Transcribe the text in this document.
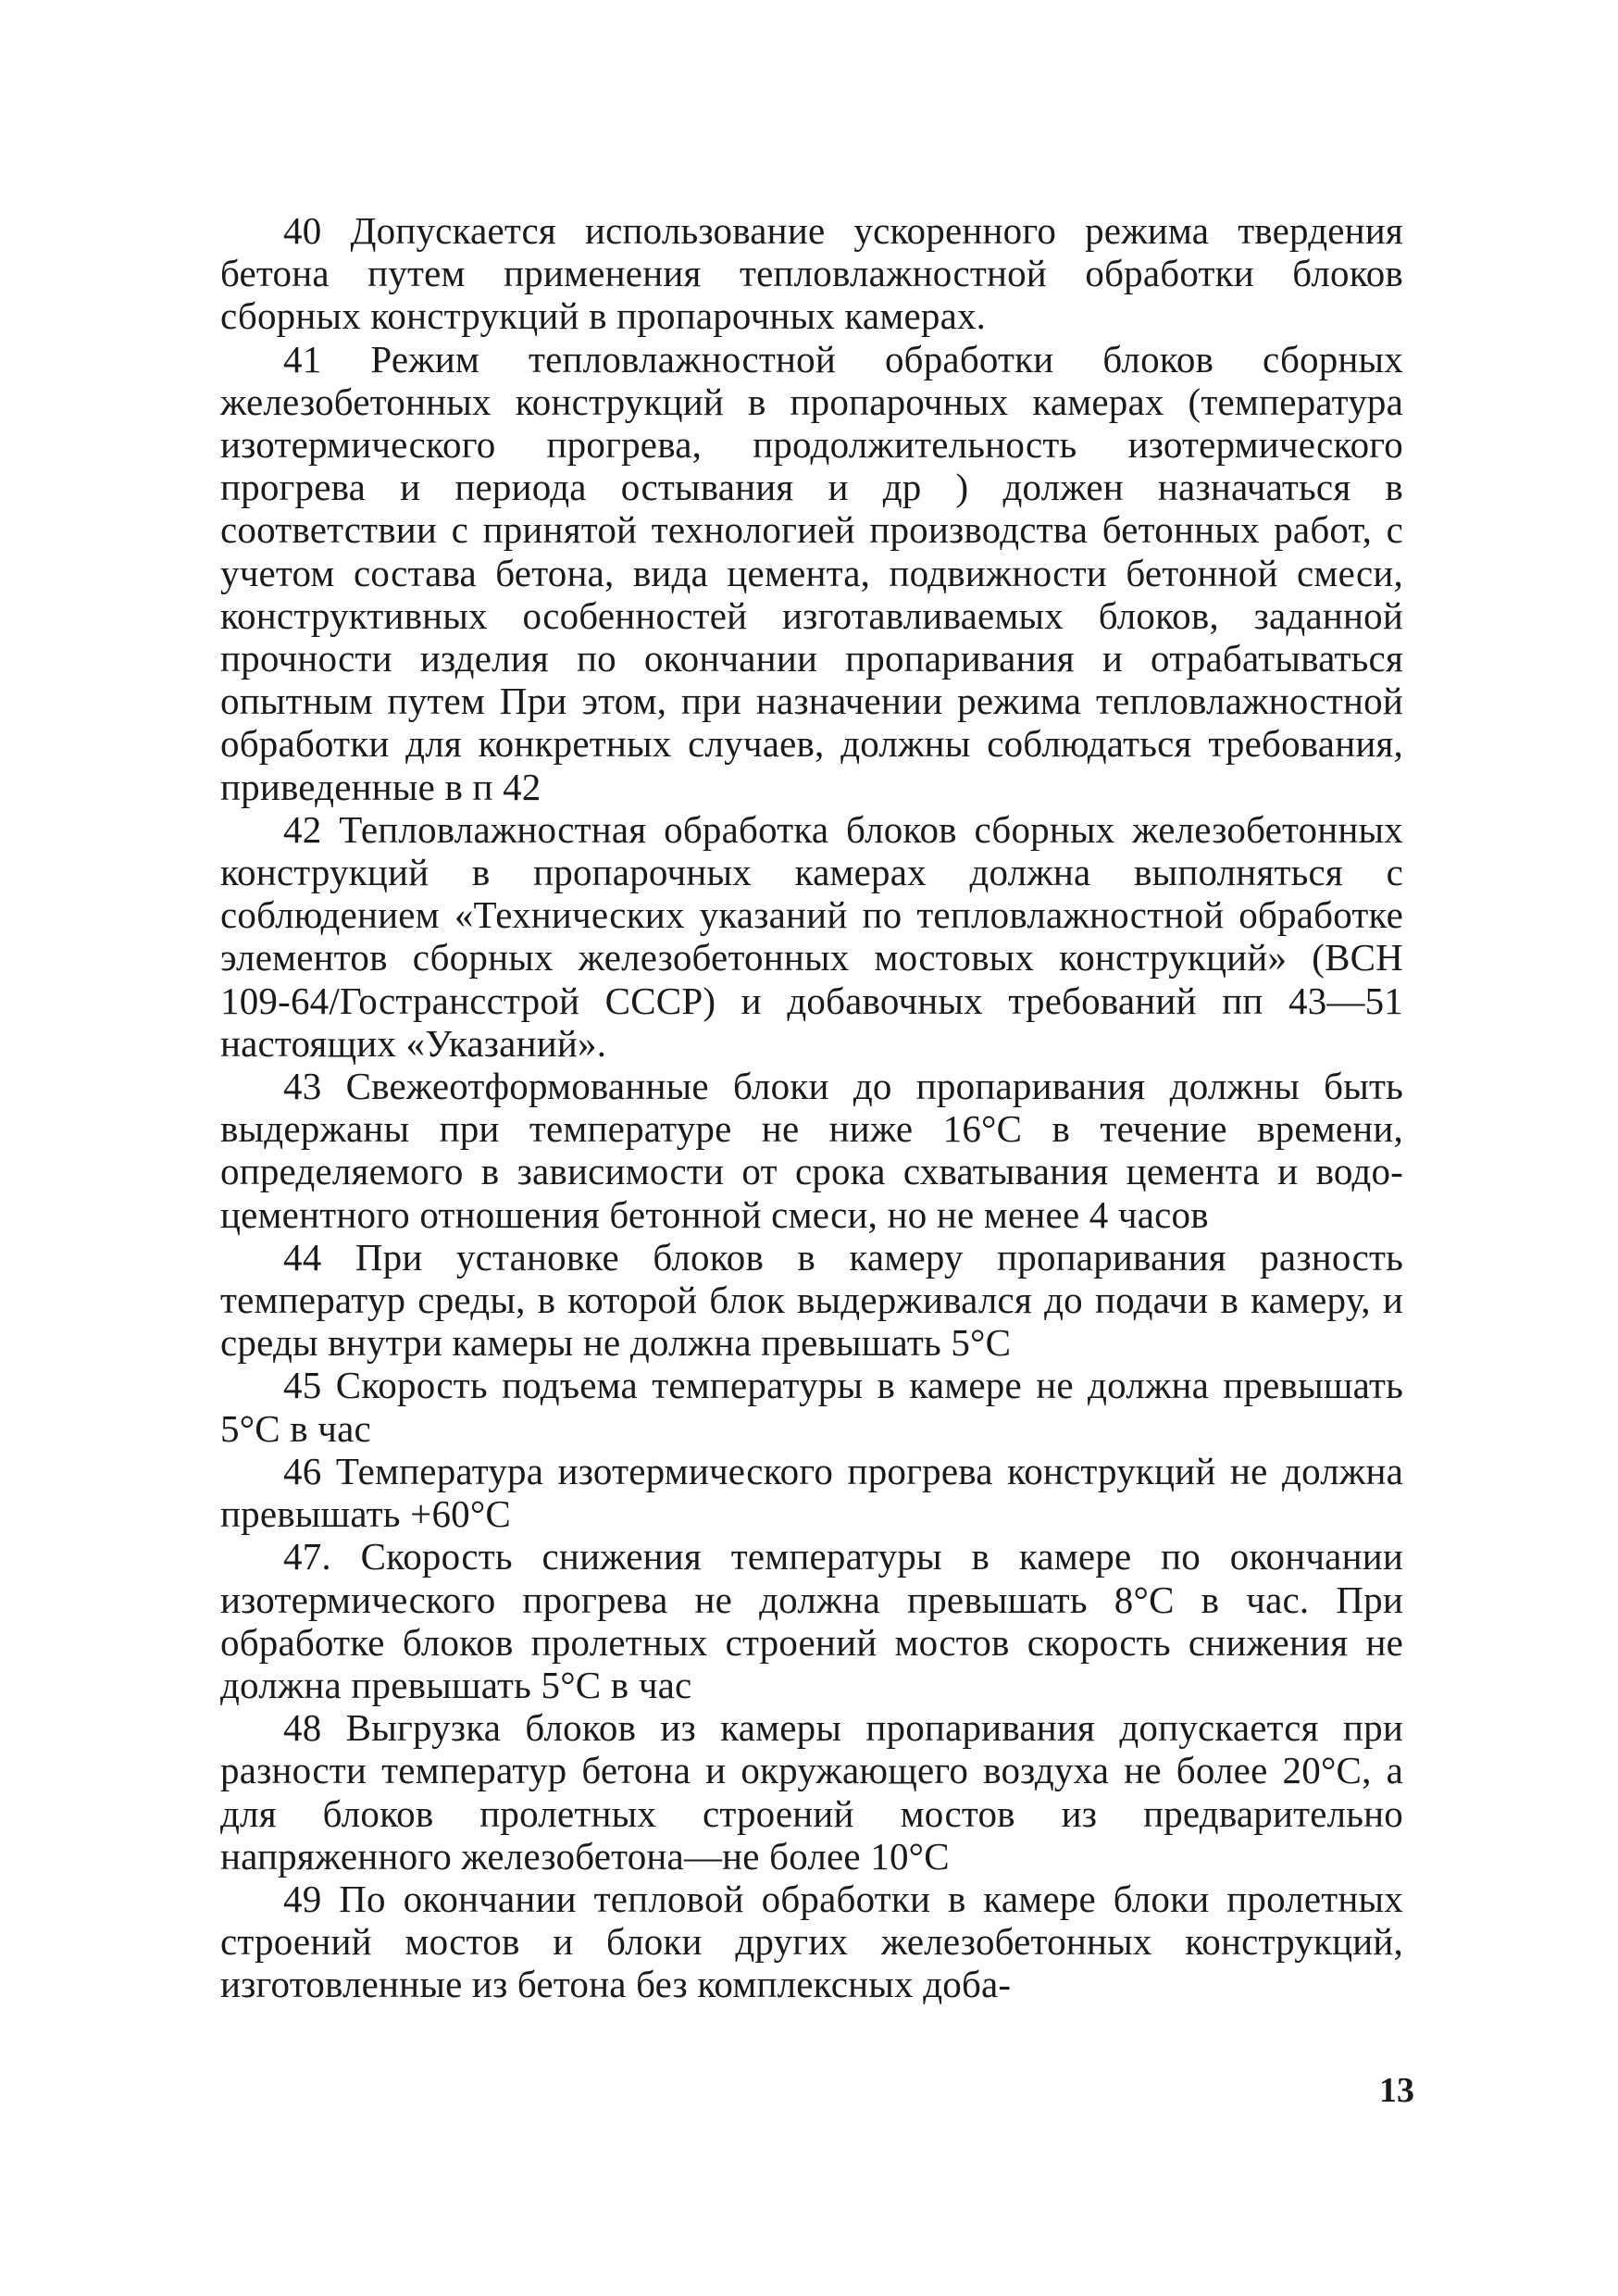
40 Допускается использование ускоренного режима твердения бетона путем применения тепловлажностной обработки блоков сборных конструкций в пропарочных камерах.

41 Режим тепловлажностной обработки блоков сборных железобетонных конструкций в пропарочных камерах (температура изотермического прогрева, продолжительность изотермического прогрева и периода остывания и др ) должен назначаться в соответствии с принятой технологией производства бетонных работ, с учетом состава бетона, вида цемента, подвижности бетонной смеси, конструктивных особенностей изготавливаемых блоков, заданной прочности изделия по окончании пропаривания и отрабатываться опытным путем При этом, при назначении режима тепловлажностной обработки для конкретных случаев, должны соблюдаться требования, приведенные в п 42

42 Тепловлажностная обработка блоков сборных железобетонных конструкций в пропарочных камерах должна выполняться с соблюдением «Технических указаний по тепловлажностной обработке элементов сборных железобетонных мостовых конструкций» (ВСН 109-64/Гострансстрой СССР) и добавочных требований пп 43—51 настоящих «Указаний».

43 Свежеотформованные блоки до пропаривания должны быть выдержаны при температуре не ниже 16°С в течение времени, определяемого в зависимости от срока схватывания цемента и водо-цементного отношения бетонной смеси, но не менее 4 часов

44 При установке блоков в камеру пропаривания разность температур среды, в которой блок выдерживался до подачи в камеру, и среды внутри камеры не должна превышать 5°С

45 Скорость подъема температуры в камере не должна превышать 5°С в час

46 Температура изотермического прогрева конструкций не должна превышать +60°С

47. Скорость снижения температуры в камере по окончании изотермического прогрева не должна превышать 8°С в час. При обработке блоков пролетных строений мостов скорость снижения не должна превышать 5°С в час

48 Выгрузка блоков из камеры пропаривания допускается при разности температур бетона и окружающего воздуха не более 20°С, а для блоков пролетных строений мостов из предварительно напряженного железобетона—не более 10°С

49 По окончании тепловой обработки в камере блоки пролетных строений мостов и блоки других железобетонных конструкций, изготовленные из бетона без комплексных доба-

13
